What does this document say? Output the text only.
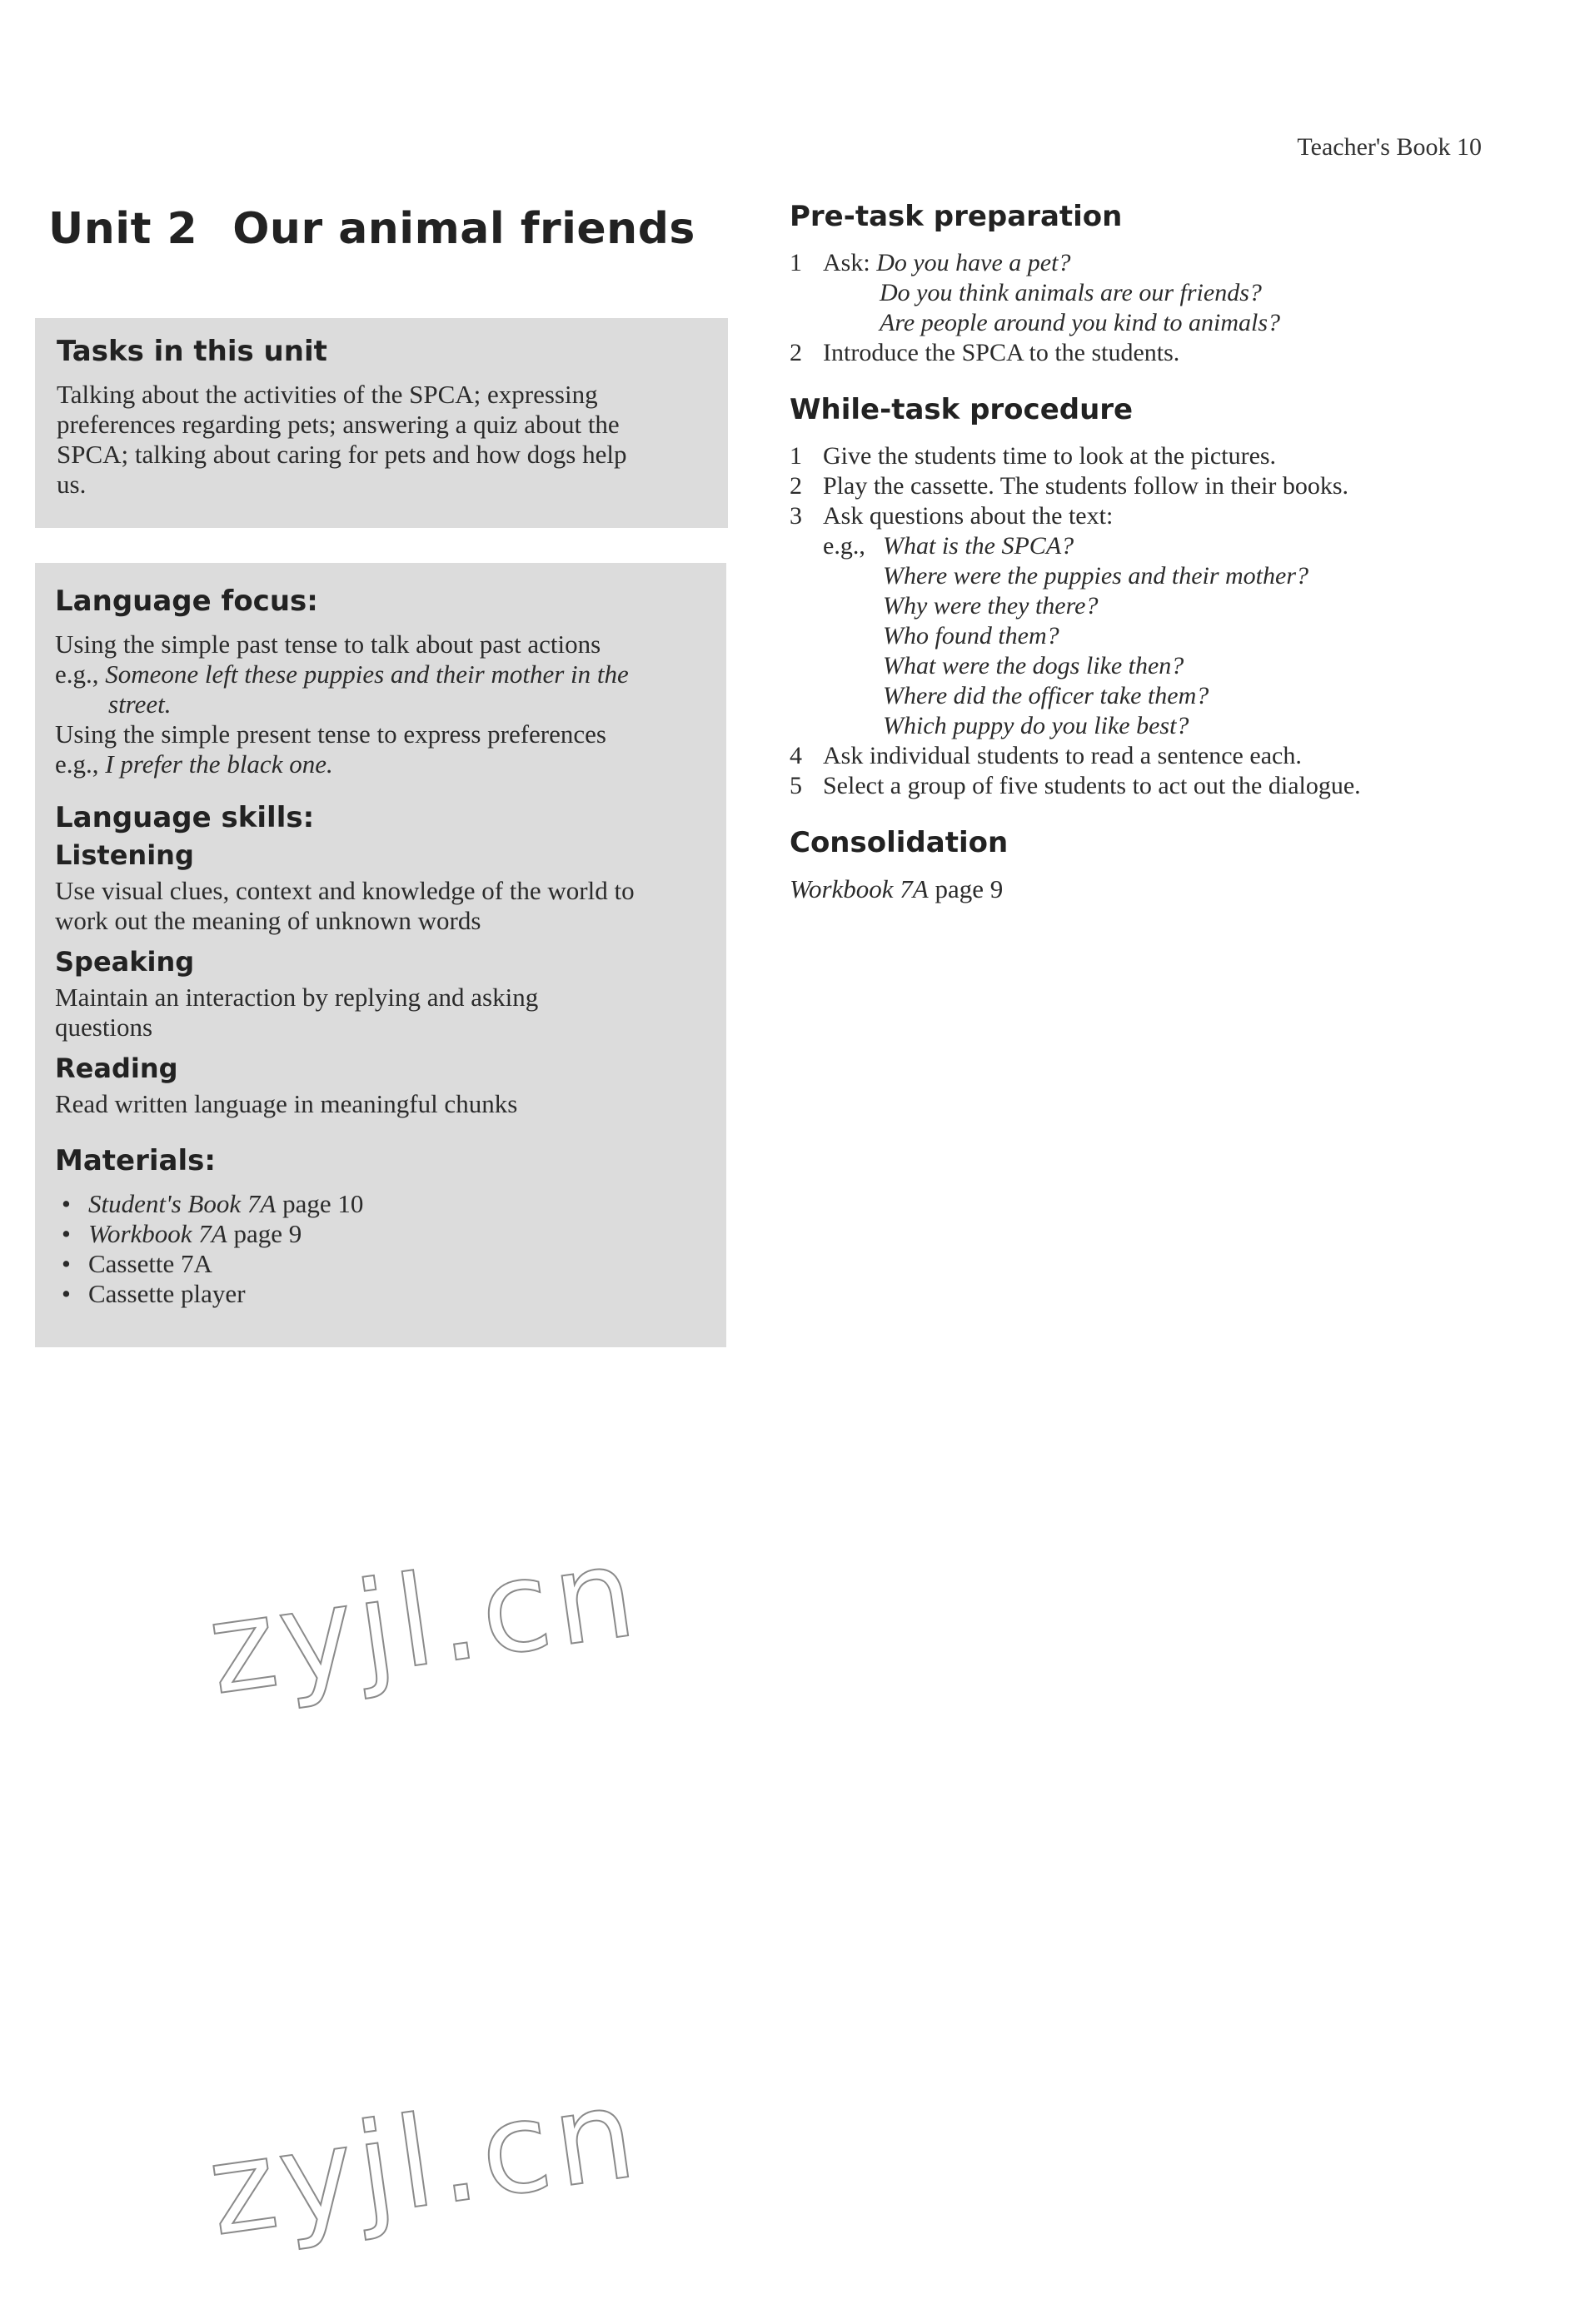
Teacher's Book 10
Unit 2 Our animal friends
Tasks in this unit
Talking about the activities of the SPCA; expressing
preferences regarding pets; answering a quiz about the
SPCA; talking about caring for pets and how dogs help
us.
Language focus:
Using the simple past tense to talk about past actions
e.g., Someone left these puppies and their mother in the
street.
Using the simple present tense to express preferences
e.g., I prefer the black one.
Language skills:
Listening
Use visual clues, context and knowledge of the world to
work out the meaning of unknown words
Speaking
Maintain an interaction by replying and asking
questions
Reading
Read written language in meaningful chunks
Materials:
• Student's Book 7A page 10
• Workbook 7A page 9
• Cassette 7A
• Cassette player
Pre-task preparation
1 Ask: Do you have a pet?
Do you think animals are our friends?
Are people around you kind to animals?
2 Introduce the SPCA to the students.
While-task procedure
1 Give the students time to look at the pictures.
2 Play the cassette. The students follow in their books.
3 Ask questions about the text:
e.g., What is the SPCA?
Where were the puppies and their mother?
Why were they there?
Who found them?
What were the dogs like then?
Where did the officer take them?
Which puppy do you like best?
4 Ask individual students to read a sentence each.
5 Select a group of five students to act out the dialogue.
Consolidation
Workbook 7A page 9
zyjl.cn
zyjl.cn
